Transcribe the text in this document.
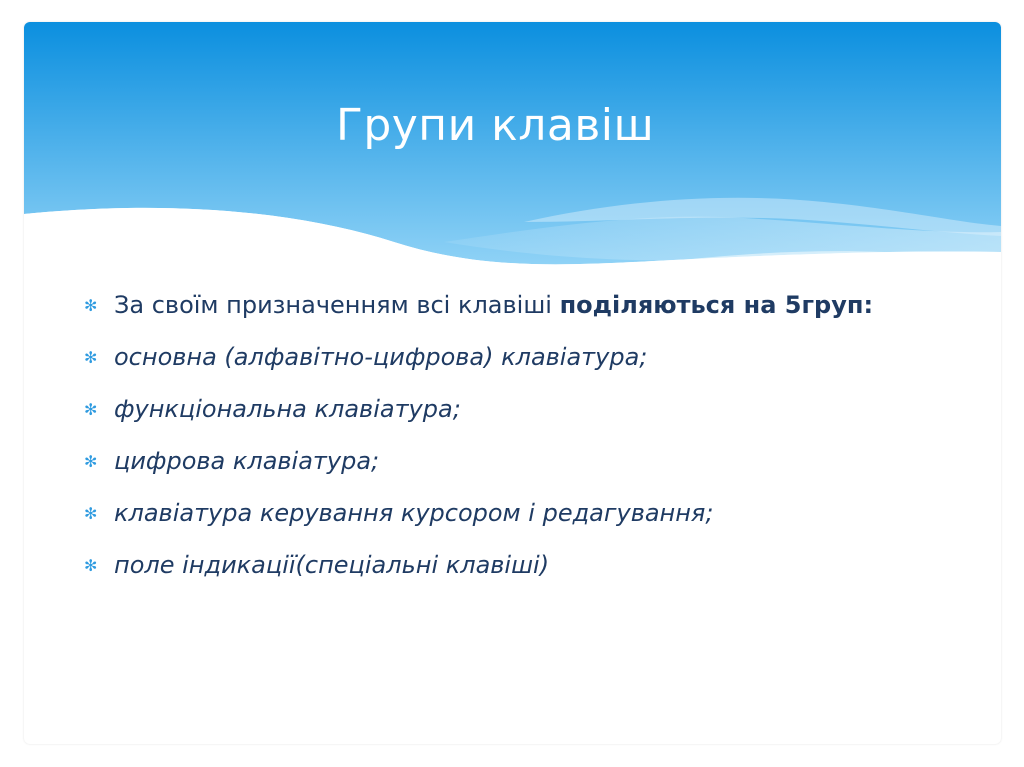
Групи клавіш
✻ За своїм призначенням всі клавіші поділяються на 5груп:
✻ основна (алфавітно-цифрова) клавіатура;
✻ функціональна клавіатура;
✻ цифрова клавіатура;
✻ клавіатура керування курсором і редагування;
✻ поле індикації(спеціальні клавіші)
